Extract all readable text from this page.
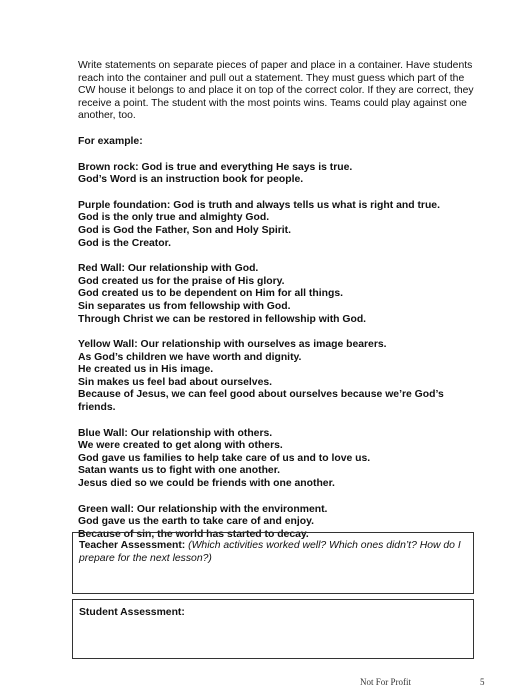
Write statements on separate pieces of paper and place in a container. Have students reach into the container and pull out a statement. They must guess which part of the CW house it belongs to and place it on top of the correct color. If they are correct, they receive a point. The student with the most points wins. Teams could play against one another, too.

For example:

Brown rock: God is true and everything He says is true.
God’s Word is an instruction book for people.
Purple foundation: God is truth and always tells us what is right and true.
God is the only true and almighty God.
God is God the Father, Son and Holy Spirit.
God is the Creator.
Red Wall: Our relationship with God.
God created us for the praise of His glory.
God created us to be dependent on Him for all things.
Sin separates us from fellowship with God.
Through Christ we can be restored in fellowship with God.
Yellow Wall: Our relationship with ourselves as image bearers.
As God’s children we have worth and dignity.
He created us in His image.
Sin makes us feel bad about ourselves.
Because of Jesus, we can feel good about ourselves because we’re God’s friends.
Blue Wall: Our relationship with others.
We were created to get along with others.
God gave us families to help take care of us and to love us.
Satan wants us to fight with one another.
Jesus died so we could be friends with one another.
Green wall: Our relationship with the environment.
God gave us the earth to take care of and enjoy.
Because of sin, the world has started to decay.
Teacher Assessment: (Which activities worked well? Which ones didn’t? How do I prepare for the next lesson?)
Student Assessment:
Not For Profit	5
